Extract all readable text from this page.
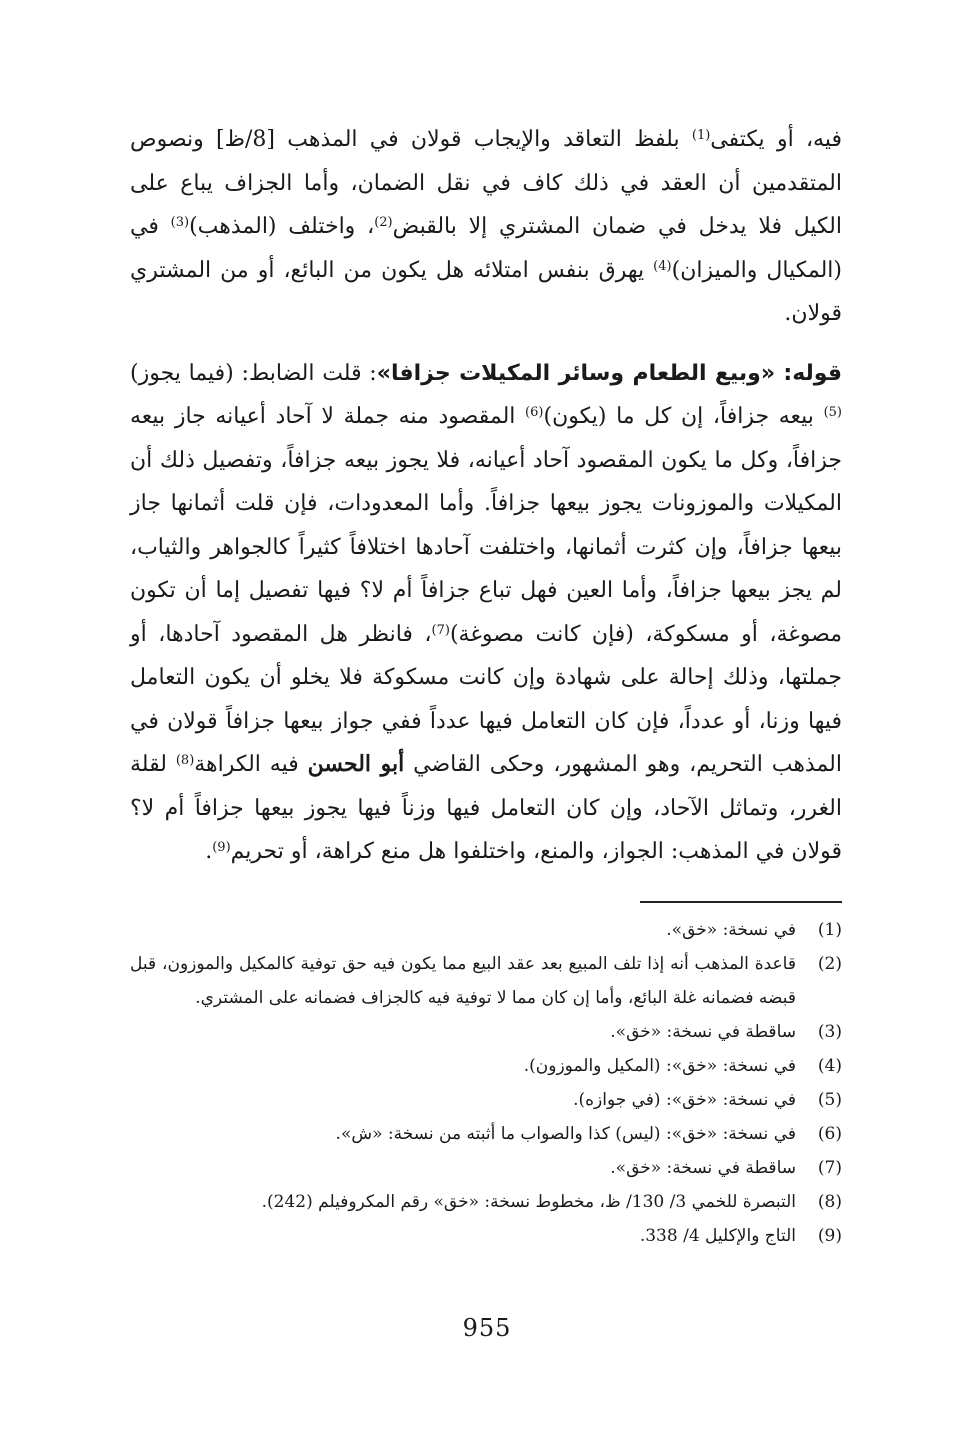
فيه، أو يكتفى$^{(1)}$ بلفظ التعاقد والإيجاب قولان في المذهب [8/ظ] ونصوص المتقدمين أن العقد في ذلك كاف في نقل الضمان، وأما الجزاف يباع على الكيل فلا يدخل في ضمان المشتري إلا بالقبض$^{(2)}$، واختلف (المذهب)$^{(3)}$ في (المكيال والميزان)$^{(4)}$ يهرق بنفس امتلائه هل يكون من البائع، أو من المشتري قولان.

قوله: «وبيع الطعام وسائر المكيلات جزافا»: قلت الضابط: (فيما يجوز)$^{(5)}$ بيعه جزافاً، إن كل ما (يكون)$^{(6)}$ المقصود منه جملة لا آحاد أعيانه جاز بيعه جزافاً، وكل ما يكون المقصود آحاد أعيانه، فلا يجوز بيعه جزافاً، وتفصيل ذلك أن المكيلات والموزونات يجوز بيعها جزافاً. وأما المعدودات، فإن قلت أثمانها جاز بيعها جزافاً، وإن كثرت أثمانها، واختلفت آحادها اختلافاً كثيراً كالجواهر والثياب، لم يجز بيعها جزافاً، وأما العين فهل تباع جزافاً أم لا؟ فيها تفصيل إما أن تكون مصوغة، أو مسكوكة، (فإن كانت مصوغة)$^{(7)}$، فانظر هل المقصود آحادها، أو جملتها، وذلك إحالة على شهادة وإن كانت مسكوكة فلا يخلو أن يكون التعامل فيها وزنا، أو عدداً، فإن كان التعامل فيها عدداً ففي جواز بيعها جزافاً قولان في المذهب التحريم، وهو المشهور، وحكى القاضي أبو الحسن فيه الكراهة$^{(8)}$ لقلة الغرر، وتماثل الآحاد، وإن كان التعامل فيها وزناً فيها يجوز بيعها جزافاً أم لا؟ قولان في المذهب: الجواز، والمنع، واختلفوا هل منع كراهة، أو تحريم$^{(9)}$.

(1)
في نسخة: «خق».
(2)
قاعدة المذهب أنه إذا تلف المبيع بعد عقد البيع مما يكون فيه حق توفية كالمكيل والموزون، قبل قبضه فضمانه غلة البائع، وأما إن كان مما لا توفية فيه كالجزاف فضمانه على المشتري.
(3)
ساقطة في نسخة: «خق».
(4)
في نسخة: «خق»: (المكيل والموزون).
(5)
في نسخة: «خق»: (في جوازه).
(6)
في نسخة: «خق»: (ليس) كذا والصواب ما أثبته من نسخة: «ش».
(7)
ساقطة في نسخة: «خق».
(8)
التبصرة للخمي 3/ 130/ ظ، مخطوط نسخة: «خق» رقم المكروفيلم (242).
(9)
التاج والإكليل 4/ 338.
955
